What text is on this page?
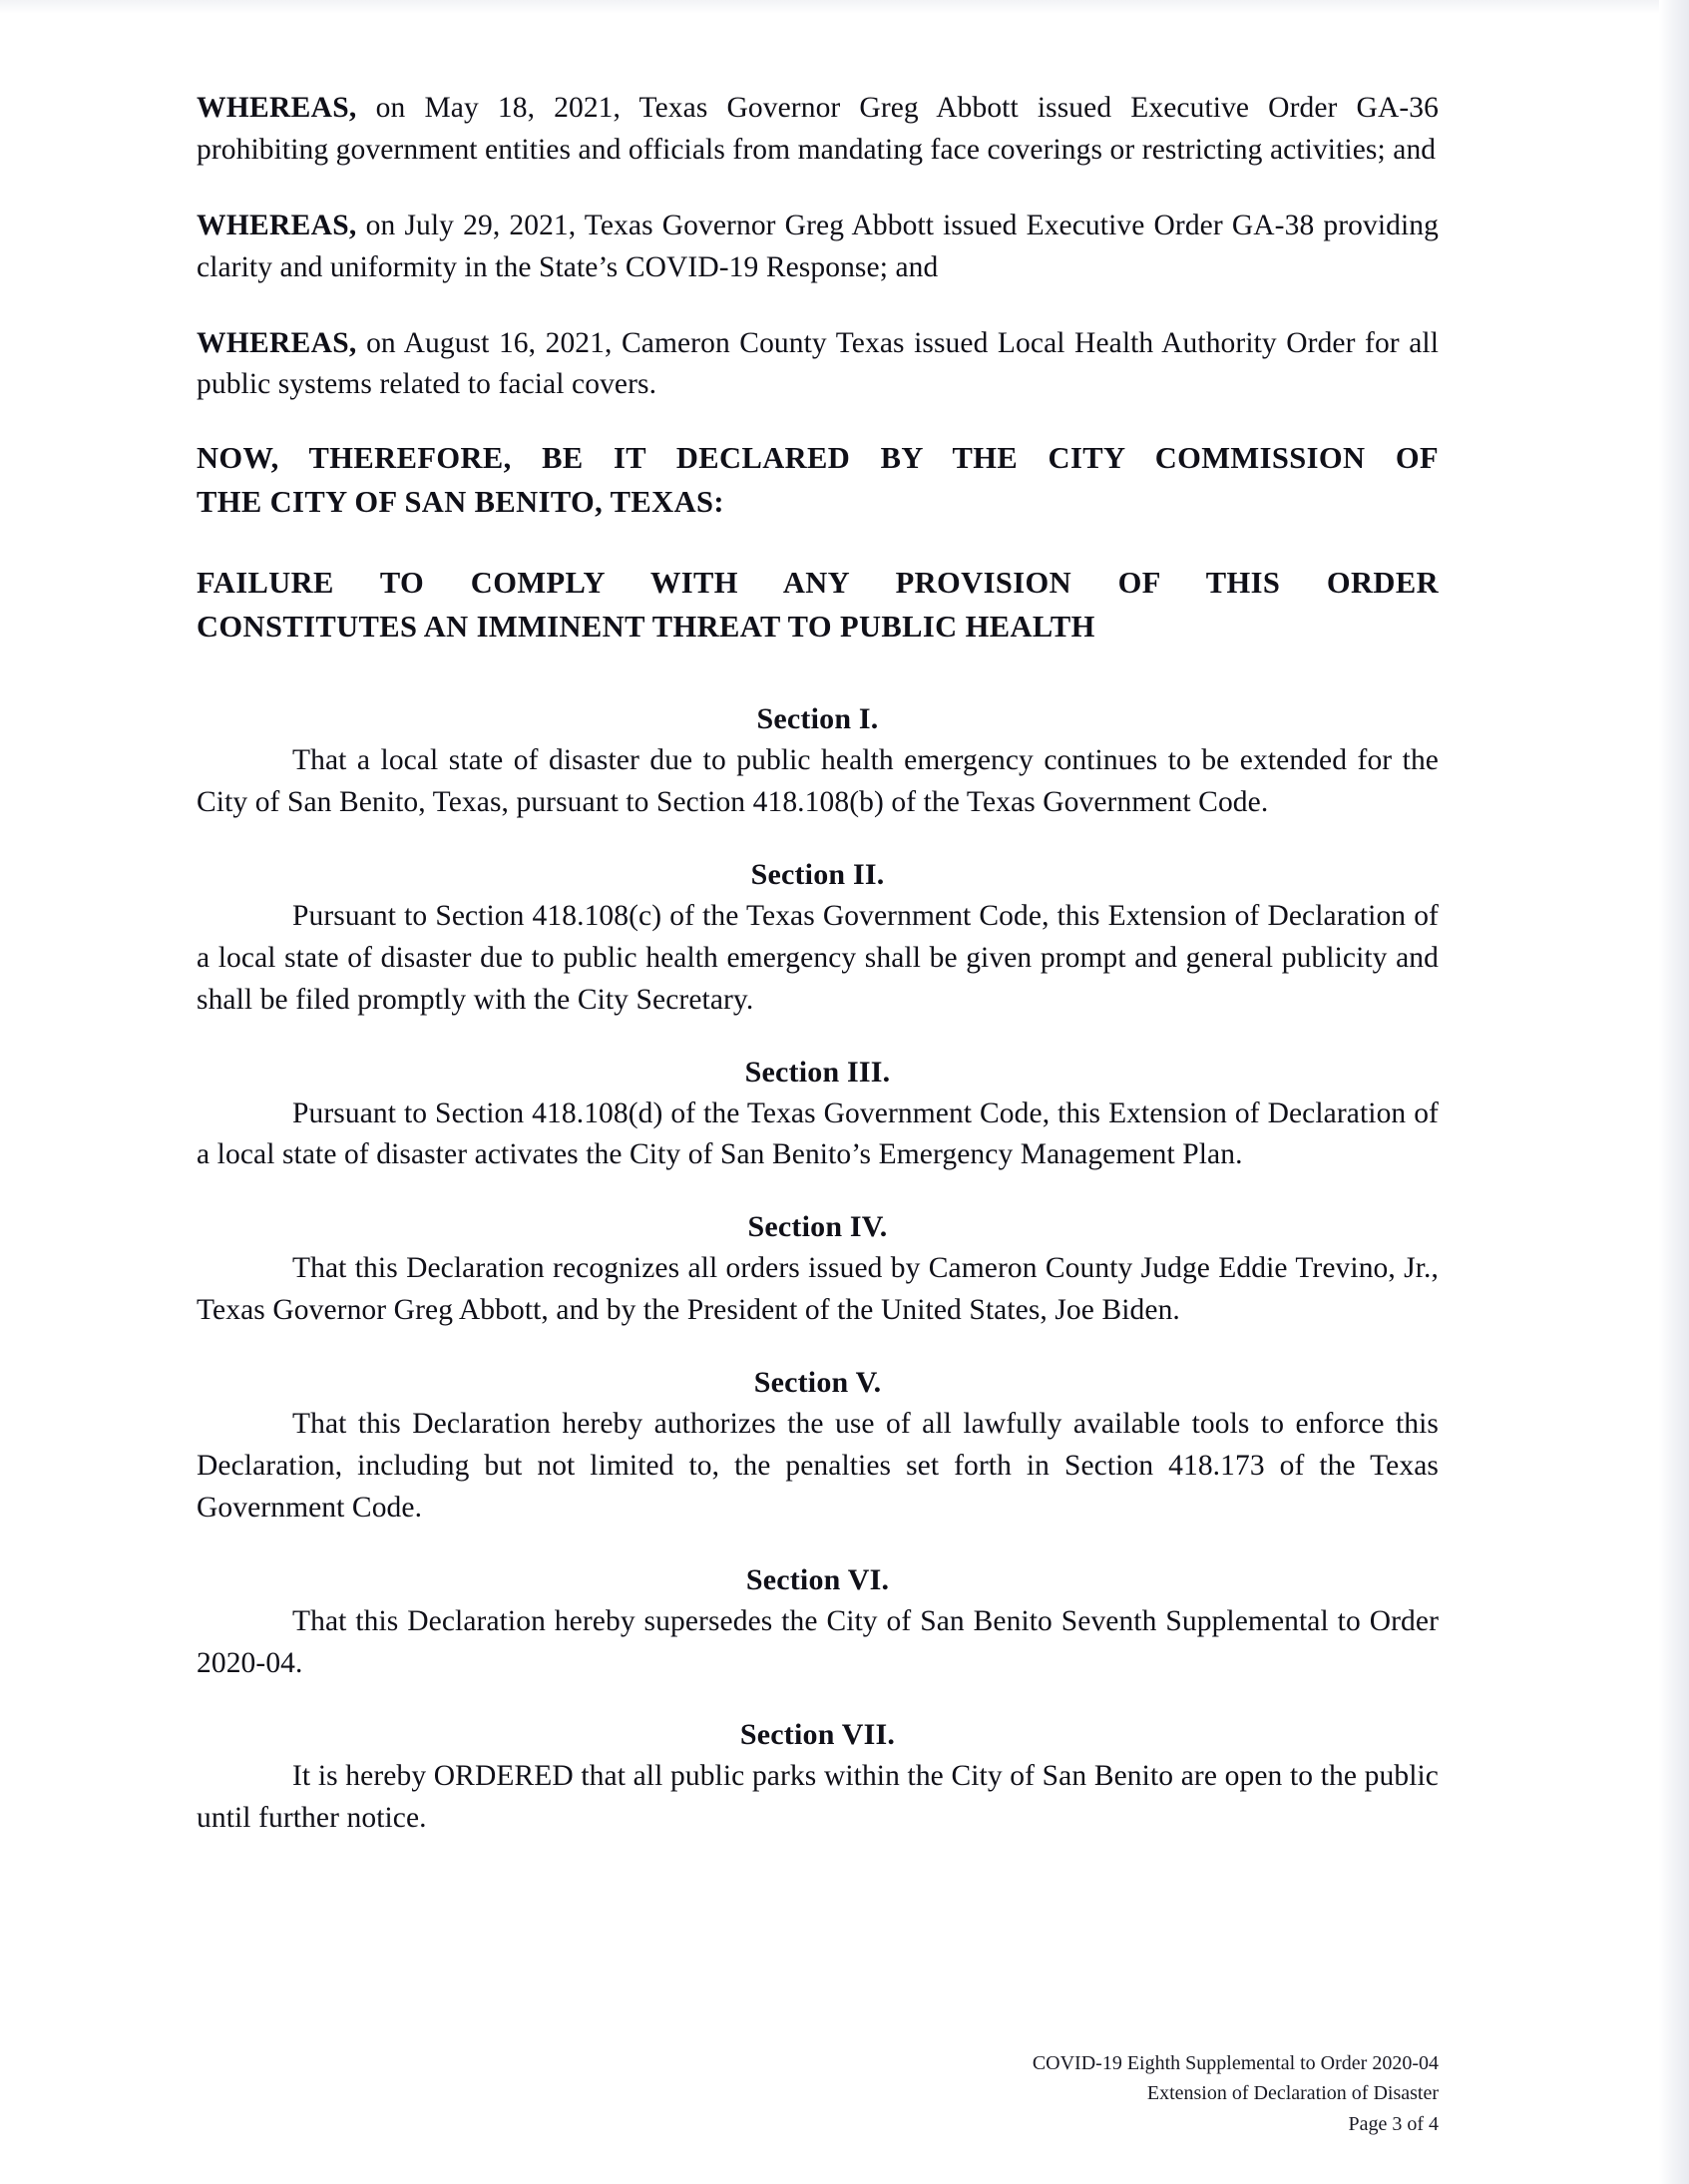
WHEREAS, on May 18, 2021, Texas Governor Greg Abbott issued Executive Order GA-36 prohibiting government entities and officials from mandating face coverings or restricting activities; and

WHEREAS, on July 29, 2021, Texas Governor Greg Abbott issued Executive Order GA-38 providing clarity and uniformity in the State’s COVID-19 Response; and

WHEREAS, on August 16, 2021, Cameron County Texas issued Local Health Authority Order for all public systems related to facial covers.

NOW, THEREFORE, BE IT DECLARED BY THE CITY COMMISSION OF
THE CITY OF SAN BENITO, TEXAS:
FAILURE TO COMPLY WITH ANY PROVISION OF THIS ORDER
CONSTITUTES AN IMMINENT THREAT TO PUBLIC HEALTH
Section I.

That a local state of disaster due to public health emergency continues to be extended for the City of San Benito, Texas, pursuant to Section 418.108(b) of the Texas Government Code.

Section II.

Pursuant to Section 418.108(c) of the Texas Government Code, this Extension of Declaration of a local state of disaster due to public health emergency shall be given prompt and general publicity and shall be filed promptly with the City Secretary.

Section III.

Pursuant to Section 418.108(d) of the Texas Government Code, this Extension of Declaration of a local state of disaster activates the City of San Benito’s Emergency Management Plan.

Section IV.

That this Declaration recognizes all orders issued by Cameron County Judge Eddie Trevino, Jr., Texas Governor Greg Abbott, and by the President of the United States, Joe Biden.

Section V.

That this Declaration hereby authorizes the use of all lawfully available tools to enforce this Declaration, including but not limited to, the penalties set forth in Section 418.173 of the Texas Government Code.

Section VI.

That this Declaration hereby supersedes the City of San Benito Seventh Supplemental to Order 2020-04.

Section VII.

It is hereby ORDERED that all public parks within the City of San Benito are open to the public until further notice.

COVID-19 Eighth Supplemental to Order 2020-04
Extension of Declaration of Disaster
Page 3 of 4
